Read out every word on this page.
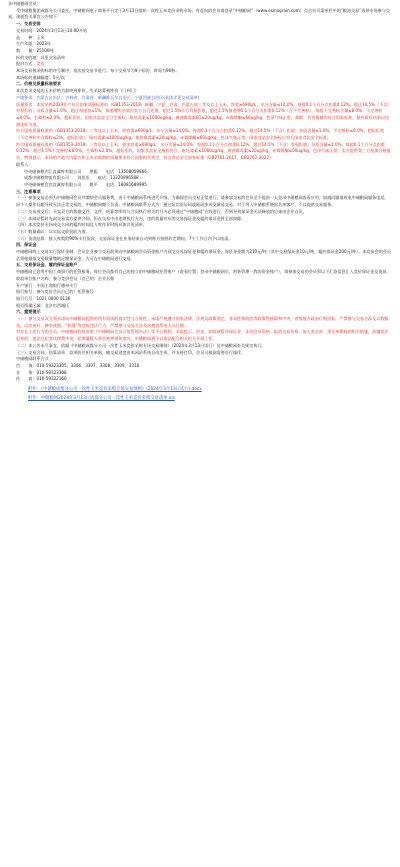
各中储粮网会员：

受中储粮集团成都分公司委托，中储粮网电子商务平台定于3月13日组织一次性玉米竞价采购专场，有意向的会员请登录“中储粮网”（www.esinograin.com）点击首页菜单栏中的“粮油交易”选择专场参与交易。现就有关事宜公告如下：

一、交易安排

交易时间：2024年3月13日10:00开始

品　　种：玉米

生产年限：2023年

数　　量：25100吨

标的交收地：详见交易清单

报价方式：竞价

本场交易按采购标的序号顺序，依次按交易节进行。每个交易节为9个标的，时间为90秒。

本场标的递减幅度：5元/次

二、价格及质量标准要求

本次竞采交易的玉米价格为最终到库价，失采结算到库价（门到门）

产地要求：内蒙古自治区、吉林省、甘肃省、新疆维吾尔自治区、宁夏回族自治区(具体详见交易清单)

质量要求：本次采购2023年产符合国家质量标准的（GB1353-2018）新疆、宁夏、甘肃、内蒙古部三等及以上玉米，容重≥690g/L；水分含量≤14.0%，每组0.1个百分点扣重0.12%，超过14.5%（不含）有权拒收；杂质含量≤1.0%，超过每递加≤1%，每递增的杂质由卖方自行处理，超过1.5%买方有权拒收，超过1.5%每递增0.1个百分点扣重0.12%（含不完善粒），每组不完善粒含量≤8.0%；不完善粒≤8.0%，生霉粒≤2.0%，超标拒收。国家食品安全卫生指标，呕吐毒素≤1000ug/kg，黄曲霉毒素B1≤20ug/kg，赤霉烯酮≤60ug/kg，色泽气味正常，霉败、有害霉菌均符合国家标准，最终质检结果以检测达标为准。

符合国家质量标准的（GB1353-2018）三等及以上玉米，即容重≥690g/L；水分含量≤14.0%，每超0.1个百分点扣重0.12%，超过14.5%（不含）拒收；杂质含量≤1.0%，不完善粒≤8.0%，超标拒收（不完善粒中含霉粒≤2%，超标拒收）。呕吐毒素≤1000ug/kg，黄曲霉毒素≤20ug/kg，赤霉烯酮≤60ug/kg，色泽气味正常。国家食品安全指标应符合国家食品安全标准。

符合国家质量标准的（GB1353-2018）三等及以上玉米，要求容重≥690g/L；水分含量≤14.0%，每超0.1个百分点扣重0.12%，超过14.5%（不含）有权拒收；杂质含量≤1.0%，每超0.1个百分点扣重0.12%；超过1.5%不完善粒≤8.0%，生霉粒≤2.0%，超标拒收。国家食品安全指标符合，呕吐毒素≤1000ug/kg，黄曲霉毒素≤20ug/kg，赤霉烯酮≤60ug/kg，色泽气味正常，卖方提供第三方检测合格报告。特别提示：本场的产地为内蒙古和玉米采收期的质量要求符合国家相关规定，符合食品安全国家标准（GB2761-2017，GB2762-2022）

联系人：

中央储备粮内江直属库有限公司　　曾彪　　电话：13508059866

成都中储粮物流有限公司　　刘思达　　电话：13320996588

中央储备粮宜宾直属库有限公司　　姚平　　电话：18081689995

三、注意事项

（一）参加交易必须为中储粮网会员并缴纳会员服务费，由于中储粮网系统进代升级，为确保会员交易正常进行，请参加交易的会员至少提前一天登录中储粮网查看应用，如遇问题请致电中储粮网服务电话。因个人操作问题导致无法正常交易的，中储粮网概不负责。中储粮网联系方式为：通过短信验证码或能同步成交量易交易。对于列入中储粮系统黑名单客户，不以提供交易服务。

（二）交易成交后，买卖双方的数据文件、文件、结算等所有与合同执行相关的行为必须通过“中储粮网”在线进行，否则导致保证金无法释放的后果由企业自负。

（三）本网站暂时先向交易卖方提供合同，但在交易中由违规执行方为，违约裁量对应的交易保证金及履约保证金将全部扣除。

（四）本次竞价专场成交合同的履约时间及入库作业时间具体详见清单。

（五）数量确认：以实际交收验收为准。

（六）货款结算：接入库数的90%支付货款，交易保证金在业务结束自动到账方按照约定期间，7个工作日内予以结清。

四、保证金

中储粮网线上交易实行保证金制，会员企业参与交易前须向中储粮网会员资金账户内预交交易保证金和履约保证金，保证金金额为210元/吨（其中交易保证金10元/吨，履约保证金200元/吨）。本竞价会的会员必须根据拟交易数量缴纳足额保证金，方可在中储粮网进行交易。

五、交易保证金、履约保证金账户

中储粮网已启用中国工商银行的托管服务，每位会员都有自己的独立的中储粮网托管账户（查看位置：登录中储粮网后，财务管理一我的资金账户），请参加交易的会员须以下汇款信息汇入竞价保证金及货款。

收款单位账户名称：参与竞价会员（自己的）企业名称

开户银行：中国工商银行德州支行

银行账号：参与竞价会员自己的）托管账号

银行行号：1021 0000 0136

银行所属区域：北京市西城区

六、重要提示

（一）参与交易双方须承诺向中储粮网提供的所有资质的真实性与合规性，承诺严格遵守国家法律、法规及政策规定，非易性和收的等政策性排除和中央、省级地方政府行赔招标，严禁参与交易方涉及以假贩卖、以次充好、掺杂使假、“转圆”等违规违法行为，严禁参与交易方涉及向粮食系统人员行贿。

对存在上述行为的会员，中储粮网有权依照《中储粮网会员日常管理办法》等平台规则，采取提示、约谈、扣除或暂停保证金、冻结会员资格、取消交易资格、加入黑名单、黑名单期间的相关措施，涉嫌违法犯罪的，违法乱犯者代理费中央，犯罪嫌疑人将会被判刑和追究，中储粮网将予以依法配合相关机关开展工作。

（二）本公告未尽事宜，依据《中储粮成都分公司一次性玉米竞价采购专场交易细则》（2024年3月13日试行）及中储粮网有关规定执行。

（三）交易合同、结算清单、款项收付相关单据，随交易进度由本网站系统自动生成，并支持打印，会员可根据需要自行操作。

中储粮网联系方式

咨　　询：010-59323305、3306、3307、3308、3309、3318

业　　务：010-59323308

传　　真：010-59322166

附件：《中储粮成都分公司一次性玉米竞价采购专场交易细则》(2024年3月13日试行).docx

附件：中储粮网2024年3月13日成都分公司一次性玉米竞价采购交易清单.xls
